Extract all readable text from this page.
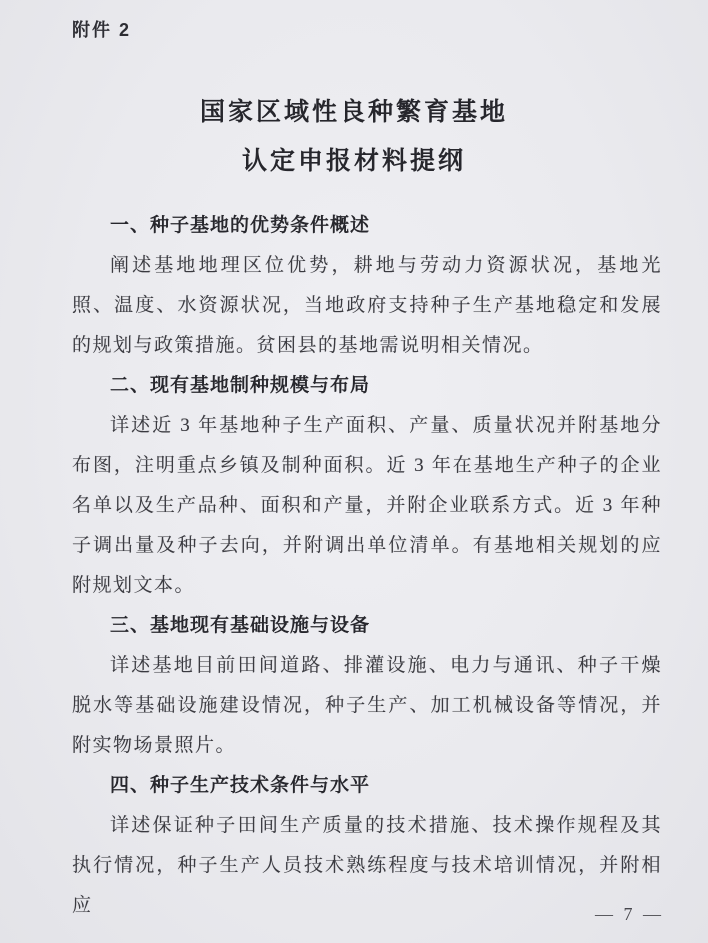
附件 2
国家区域性良种繁育基地
认定申报材料提纲
一、种子基地的优势条件概述

阐述基地地理区位优势，耕地与劳动力资源状况，基地光照、温度、水资源状况，当地政府支持种子生产基地稳定和发展的规划与政策措施。贫困县的基地需说明相关情况。

二、现有基地制种规模与布局

详述近 3 年基地种子生产面积、产量、质量状况并附基地分布图，注明重点乡镇及制种面积。近 3 年在基地生产种子的企业名单以及生产品种、面积和产量，并附企业联系方式。近 3 年种子调出量及种子去向，并附调出单位清单。有基地相关规划的应附规划文本。

三、基地现有基础设施与设备

详述基地目前田间道路、排灌设施、电力与通讯、种子干燥脱水等基础设施建设情况，种子生产、加工机械设备等情况，并附实物场景照片。

四、种子生产技术条件与水平

详述保证种子田间生产质量的技术措施、技术操作规程及其执行情况，种子生产人员技术熟练程度与技术培训情况，并附相应	— 7 —
